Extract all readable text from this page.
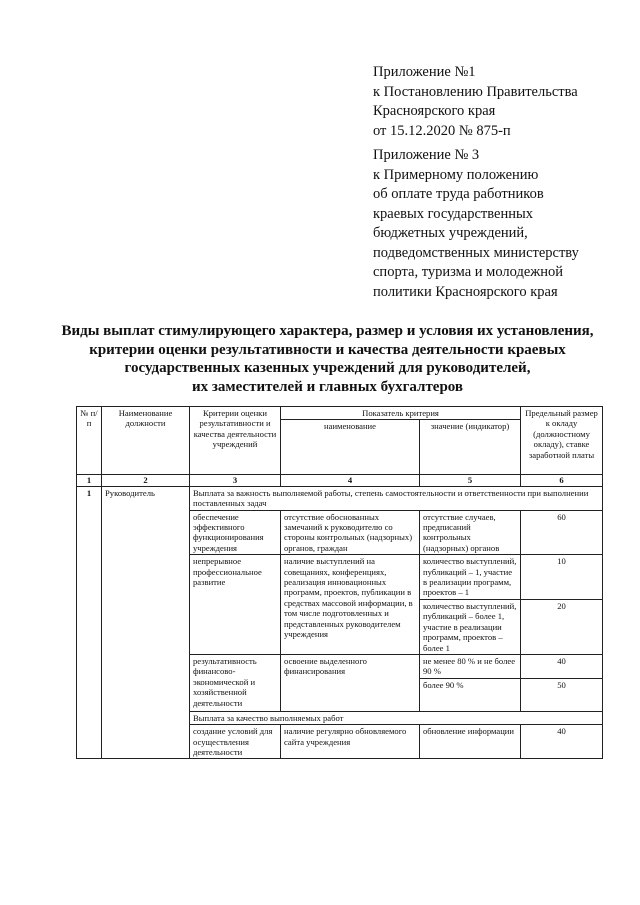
Приложение №1
к Постановлению Правительства
Красноярского края
от 15.12.2020 № 875-п
Приложение № 3
к Примерному положению
об оплате труда работников
краевых государственных
бюджетных учреждений,
подведомственных министерству
спорта, туризма и молодежной
политики Красноярского края
Виды выплат стимулирующего характера, размер и условия их установления,
критерии оценки результативности и качества деятельности краевых
государственных казенных учреждений для руководителей,
их заместителей и главных бухгалтеров
№ п/п	Наименование должности	Критерии оценки результативности и качества деятельности учреждений	Показатель критерия		Предельный размер к окладу (должностному окладу), ставке заработной платы
			наименование	значение (индикатор)	
1	2	3	4	5	6
1	Руководитель	Выплата за важность выполняемой работы, степень самостоятельности и ответственности при выполнении поставленных задач			
		обеспечение эффективного функционирования учреждения	отсутствие обоснованных замечаний к руководителю со стороны контрольных (надзорных) органов, граждан	отсутствие случаев, предписаний контрольных (надзорных) органов	60
		непрерывное профессиональное развитие	наличие выступлений на совещаниях, конференциях, реализация инновационных программ, проектов, публикации в средствах массовой информации, в том числе подготовленных и представленных руководителем учреждения	количество выступлений, публикаций – 1, участие в реализации программ, проектов – 1	10
				количество выступлений, публикаций – более 1, участие в реализации программ, проектов – более 1	20
		результативность финансово-экономической и хозяйственной деятельности	освоение выделенного финансирования	не менее 80 % и не более 90 %	40
				более 90 %	50
		Выплата за качество выполняемых работ			
		создание условий для осуществления деятельности	наличие регулярно обновляемого сайта учреждения	обновление информации	40
